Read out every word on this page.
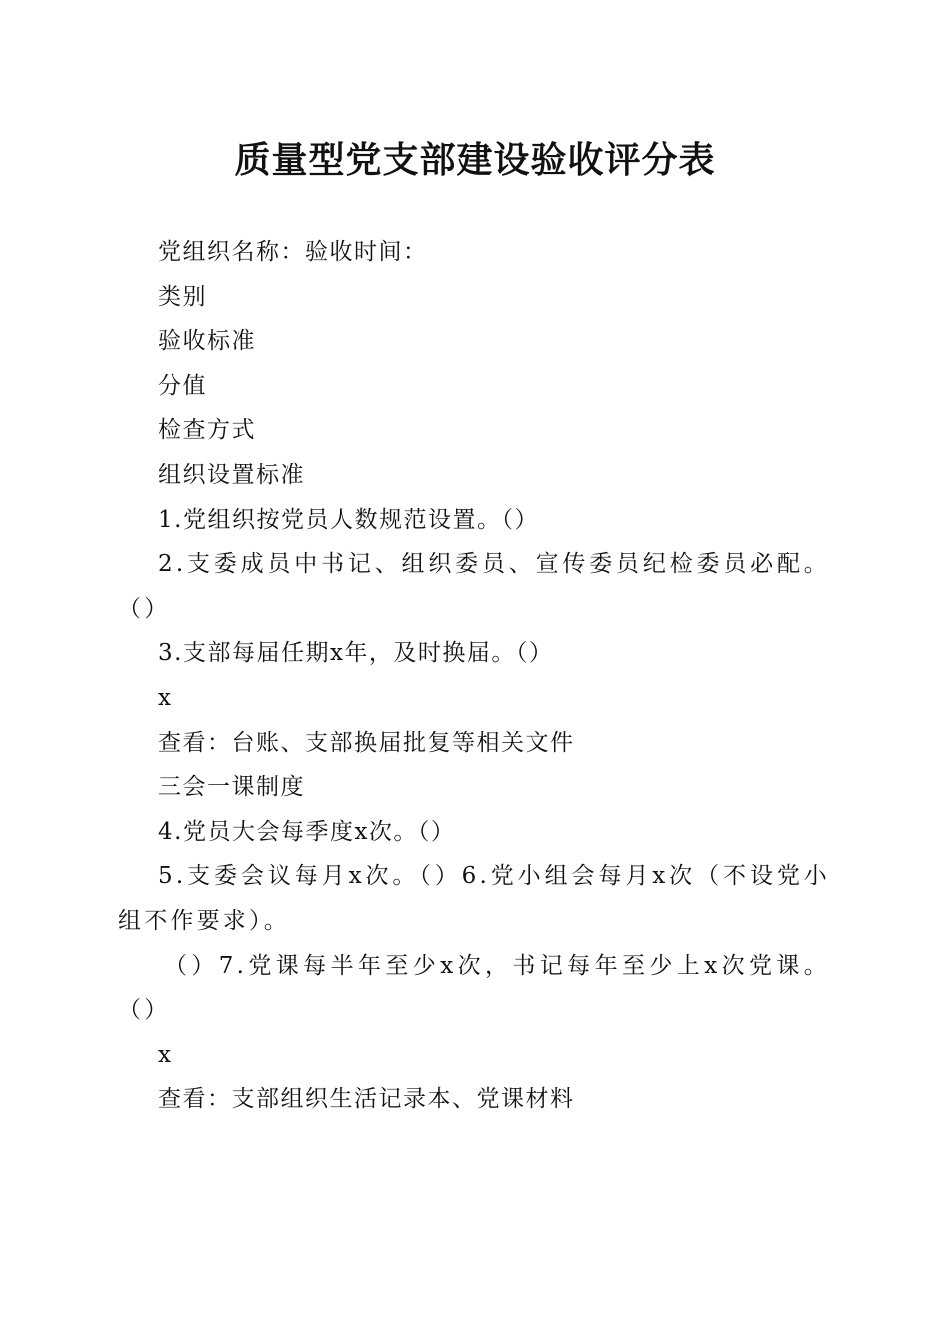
质量型党支部建设验收评分表

党组织名称：验收时间：

类别

验收标准

分值

检查方式

组织设置标准

1.党组织按党员人数规范设置。（）

2.支委成员中书记、组织委员、宣传委员纪检委员必配。（）

3.支部每届任期x年，及时换届。（）

x

查看：台账、支部换届批复等相关文件

三会一课制度

4.党员大会每季度x次。（）

5.支委会议每月x次。（）6.党小组会每月x次（不设党小组不作要求）。

（）7.党课每半年至少x次，书记每年至少上x次党课。（）

x

查看：支部组织生活记录本、党课材料
